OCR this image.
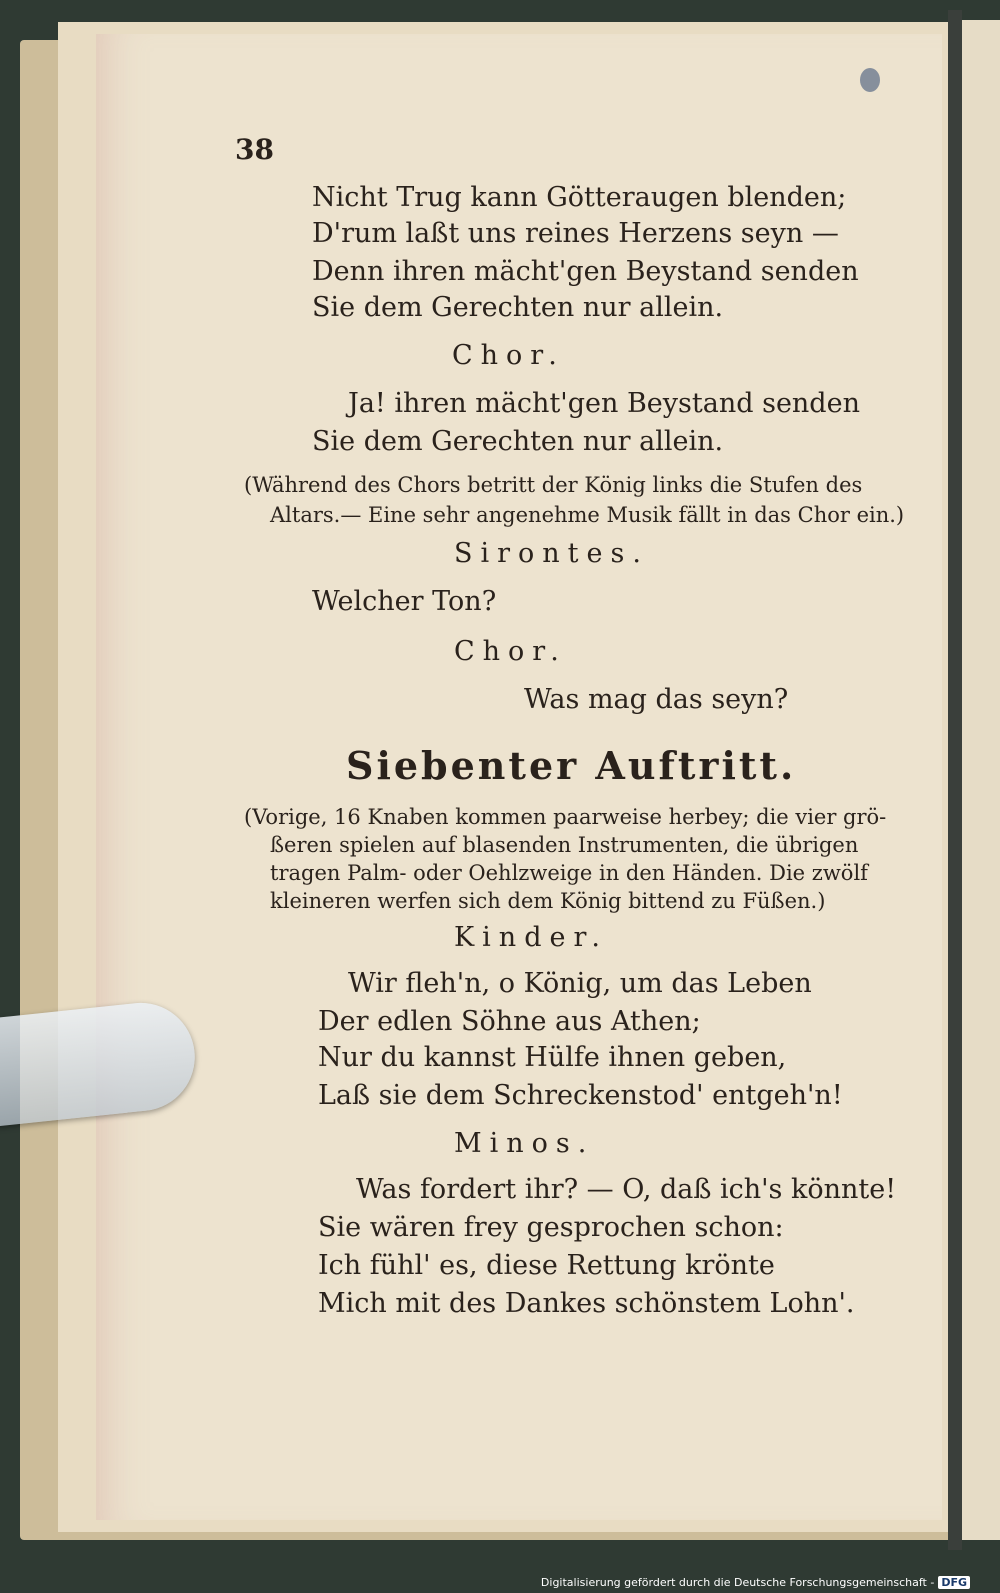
38
Nicht Trug kann Götteraugen blenden;
D'rum laßt uns reines Herzens seyn —
Denn ihren mächt'gen Beystand senden
Sie dem Gerechten nur allein.
Chor.
Ja! ihren mächt'gen Beystand senden
Sie dem Gerechten nur allein.
(Während des Chors betritt der König links die Stufen des
Altars.— Eine sehr angenehme Musik fällt in das Chor ein.)
Sirontes.
Welcher Ton?
Chor.
Was mag das seyn?
Siebenter Auftritt.
(Vorige, 16 Knaben kommen paarweise herbey; die vier grö-
ßeren spielen auf blasenden Instrumenten, die übrigen
tragen Palm- oder Oehlzweige in den Händen. Die zwölf
kleineren werfen sich dem König bittend zu Füßen.)
Kinder.
Wir fleh'n, o König, um das Leben
Der edlen Söhne aus Athen;
Nur du kannst Hülfe ihnen geben,
Laß sie dem Schreckenstod' entgeh'n!
Minos.
Was fordert ihr? — O, daß ich's könnte!
Sie wären frey gesprochen schon:
Ich fühl' es, diese Rettung krönte
Mich mit des Dankes schönstem Lohn'.
Digitalisierung gefördert durch die Deutsche Forschungsgemeinschaft - DFG
